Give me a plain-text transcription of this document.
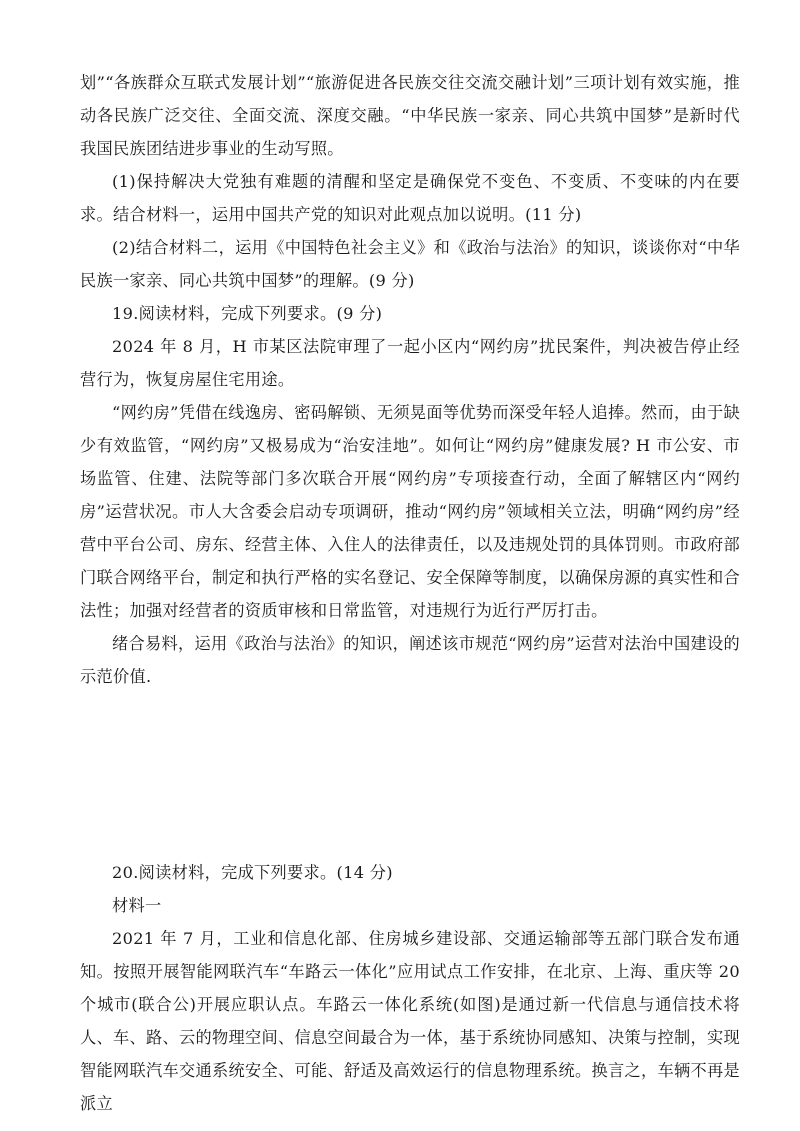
划”“各族群众互联式发展计划”“旅游促进各民族交往交流交融计划”三项计划有效实施，推动各民族广泛交往、全面交流、深度交融。“中华民族一家亲、同心共筑中国梦”是新时代我国民族团结进步事业的生动写照。

(1)保持解决大党独有难题的清醒和坚定是确保党不变色、不变质、不变味的内在要求。结合材料一，运用中国共产党的知识对此观点加以说明。(11 分)

(2)结合材料二，运用《中国特色社会主义》和《政治与法治》的知识，谈谈你对“中华民族一家亲、同心共筑中国梦”的理解。(9 分)

19.阅读材料，完成下列要求。(9 分)

2024 年 8 月，H 市某区法院审理了一起小区内“网约房”扰民案件，判决被告停止经营行为，恢复房屋住宅用途。

“网约房”凭借在线逸房、密码解锁、无须晃面等优势而深受年轻人追捧。然而，由于缺少有效监管，“网约房”又极易成为“治安洼地”。如何让“网约房”健康发展? H 市公安、市场监管、住建、法院等部门多次联合开展“网约房”专项接查行动，全面了解辖区内“网约房”运营状况。市人大含委会启动专项调研，推动“网约房”领域相关立法，明确“网约房”经营中平台公司、房东、经营主体、入住人的法律责任，以及违规处罚的具体罚则。市政府部门联合网络平台，制定和执行严格的实名登记、安全保障等制度，以确保房源的真实性和合法性；加强对经营者的资质审核和日常监管，对违规行为近行严厉打击。

绪合易料，运用《政治与法治》的知识，阐述该市规范“网约房”运营对法治中国建设的示范价值.

20.阅读材料，完成下列要求。(14 分)

材料一

2021 年 7 月，工业和信息化部、住房城乡建设部、交通运输部等五部门联合发布通知。按照开展智能网联汽车“车路云一体化”应用试点工作安排，在北京、上海、重庆等 20 个城市(联合公)开展应职认点。车路云一体化系统(如图)是通过新一代信息与通信技术将人、车、路、云的物理空间、信息空间最合为一体，基于系统协同感知、决策与控制，实现智能网联汽车交通系统安全、可能、舒适及高效运行的信息物理系统。换言之，车辆不再是派立
